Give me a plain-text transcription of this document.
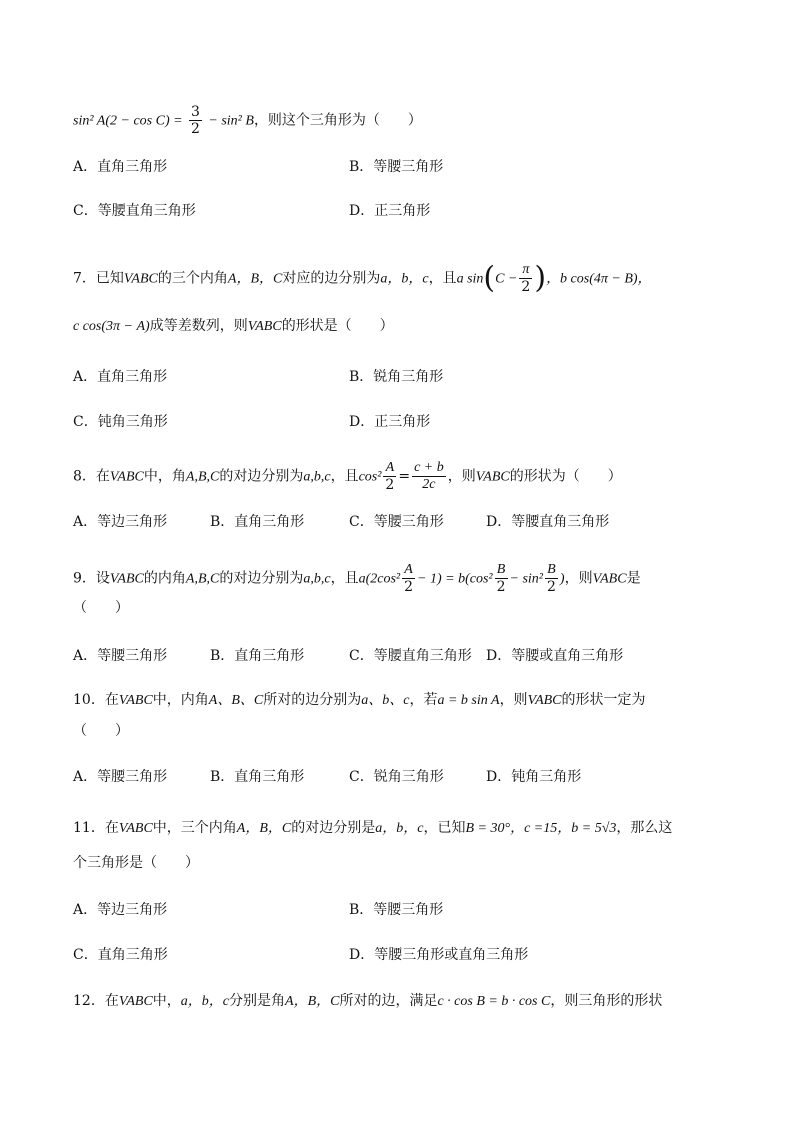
sin² $A(2 - \cos C) = \frac{3}{2} - \sin^2$ B，则这个三角形为（　　）
A．直角三角形	B．等腰三角形
C．等腰直角三角形	D．正三角形
7．已知VABC的三个内角A，B，C对应的边分别为a，b，c，且a $\sin(C - \frac{\pi}{2}$ )，b cos(4π − B)，
c cos(3π − A)成等差数列，则VABC的形状是（　　）
A．直角三角形	B．锐角三角形
C．钝角三角形	D．正三角形
8．在VABC中，角A,B,C的对边分别为a,b,c，且$\cos^2 \frac{A}{2} = \frac{c + b}{2c}$ ，则VABC的形状为（　　）
A．等边三角形	B．直角三角形	C．等腰三角形	D．等腰直角三角形
9．设VABC的内角A,B,C的对边分别为a,b,c，且$a(2\cos^2 \frac{A}{2} - 1) = b(\cos^2 \frac{B}{2} - \sin^2 \frac{B}{2}$ )，则VABC是
（　　）
A．等腰三角形	B．直角三角形	C．等腰直角三角形 D．等腰或直角三角形
10．在VABC中，内角A、B、C所对的边分别为a、b、c，若a = b sin A，则VABC的形状一定为
（　　）
A．等腰三角形	B．直角三角形	C．锐角三角形	D．钝角三角形
11．在VABC中，三个内角A，B，C的对边分别是a，b，c，已知B = 30°，c =15，b = 5√3，那么这
个三角形是（　　）
A．等边三角形	B．等腰三角形
C．直角三角形	D．等腰三角形或直角三角形
12．在VABC中，a，b，c分别是角A，B，C所对的边，满足c · cos B = b · cos C，则三角形的形状
